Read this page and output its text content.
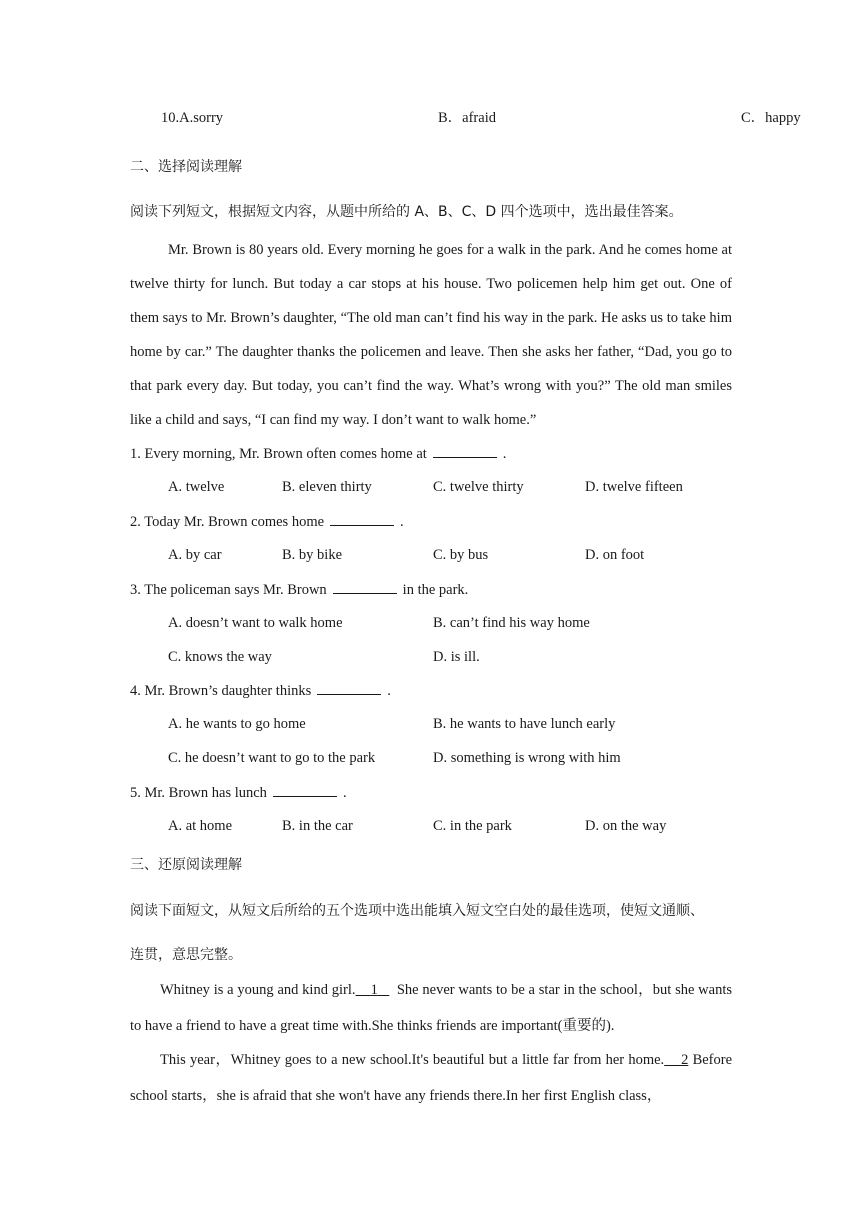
10.A.sorry	B．afraid	C．happy
二、选择阅读理解
阅读下列短文，根据短文内容，从题中所给的 A、B、C、D 四个选项中，选出最佳答案。
Mr. Brown is 80 years old. Every morning he goes for a walk in the park. And he comes home at twelve thirty for lunch. But today a car stops at his house. Two policemen help him get out. One of them says to Mr. Brown’s daughter, “The old man can’t find his way in the park. He asks us to take him home by car.” The daughter thanks the policemen and leave. Then she asks her father, “Dad, you go to that park every day. But today, you can’t find the way. What’s wrong with you?” The old man smiles like a child and says, “I can find my way. I don’t want to walk home.”
1. Every morning, Mr. Brown often comes home at	.
A. twelve	B. eleven thirty	C. twelve thirty	D. twelve fifteen
2. Today Mr. Brown comes home	.
A. by car	B. by bike	C. by bus	D. on foot
3. The policeman says Mr. Brown	in the park.
A. doesn’t want to walk home	B. can’t find his way home
C. knows the way	D. is ill.
4. Mr. Brown’s daughter thinks	.
A. he wants to go home	B. he wants to have lunch early
C. he doesn’t want to go to the park	D. something is wrong with him
5. Mr. Brown has lunch	.
A. at home	B. in the car	C. in the park	D. on the way
三、还原阅读理解
阅读下面短文，从短文后所给的五个选项中选出能填入短文空白处的最佳选项，使短文通顺、
连贯，意思完整。
Whitney is a young and kind girl. 1 She never wants to be a star in the school，but she wants to have a friend to have a great time with.She thinks friends are important(重要的).
This year，Whitney goes to a new school.It's beautiful but a little far from her home. 2 Before school starts，she is afraid that she won't have any friends there.In her first English class，
